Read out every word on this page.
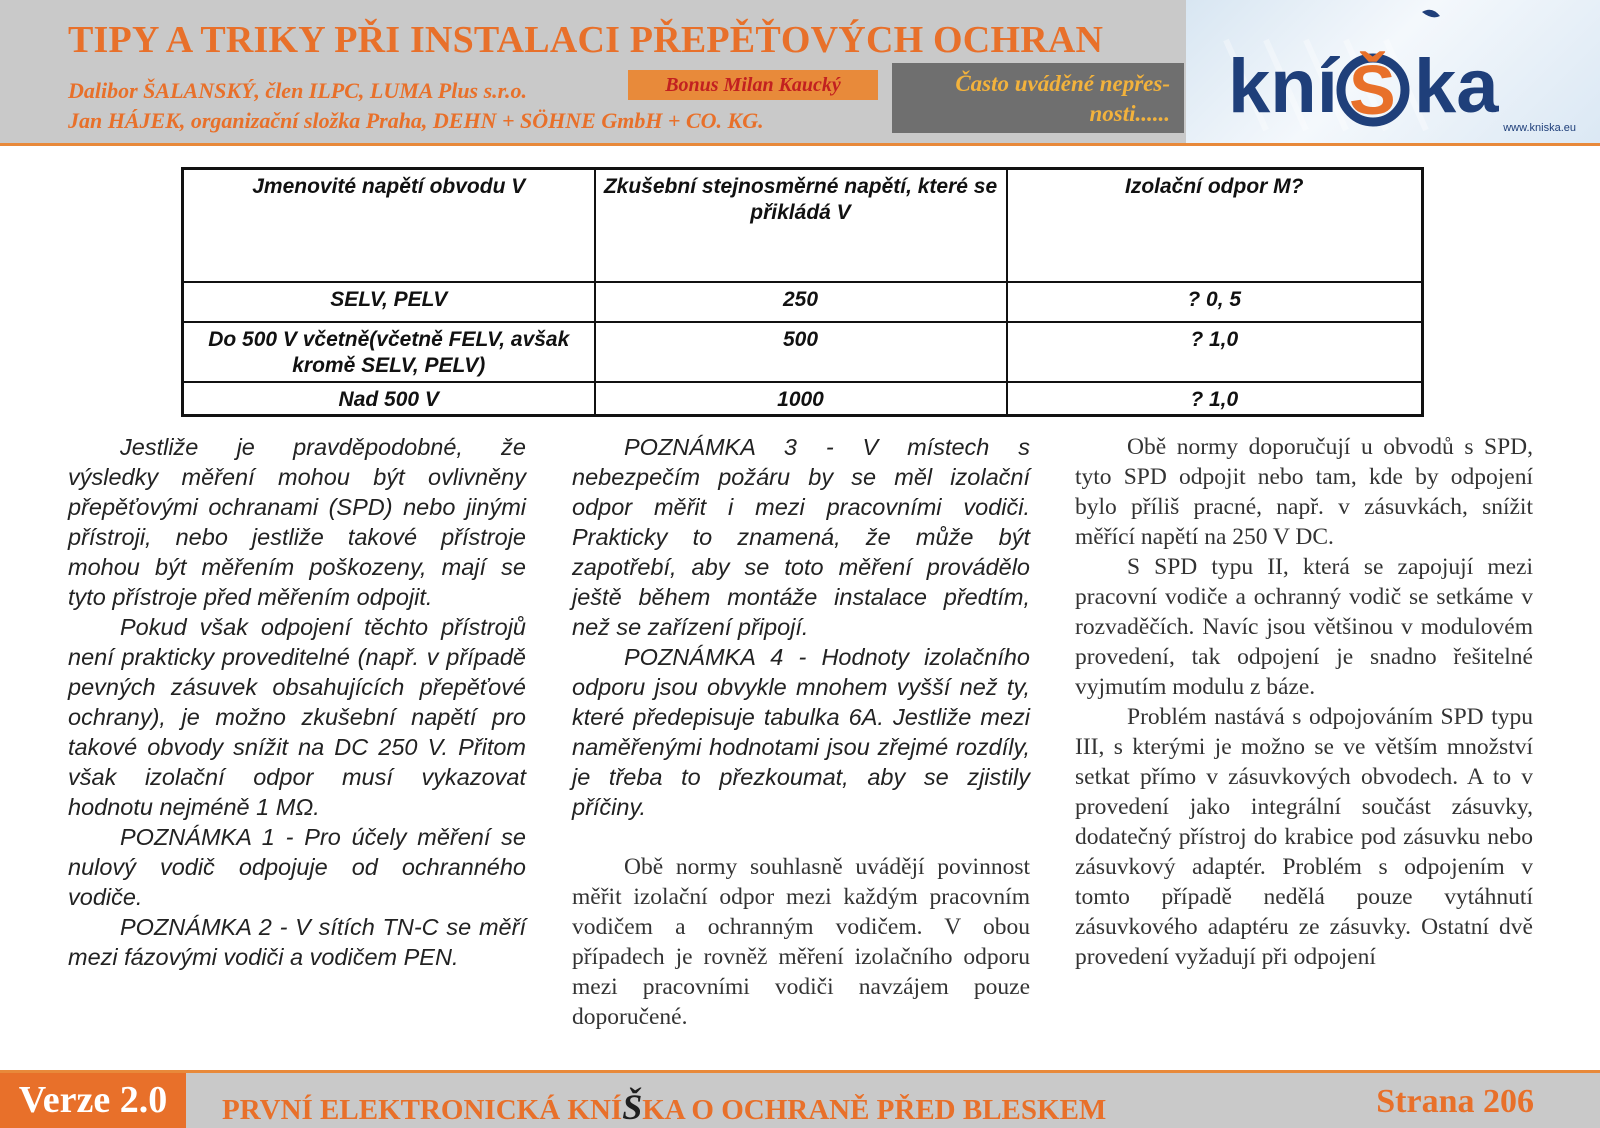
TIPY A TRIKY PŘI INSTALACI PŘEPĚŤOVÝCH OCHRAN
Dalibor ŠALANSKÝ, člen ILPC, LUMA Plus s.r.o.
Jan HÁJEK, organizační složka Praha, DEHN + SÖHNE GmbH + CO. KG.
Bonus Milan Kaucký	Často uváděné nepřes- nosti...... kní Š ka www.kniska.eu
Jmenovité napětí obvodu V	Zkušební stejnosměrné napětí, které se přikládá V	Izolační odpor M?
SELV, PELV	250	? 0, 5
Do 500 V včetně(včetně FELV, avšak kromě SELV, PELV)	500	? 1,0
Nad 500 V	1000	? 1,0

Jestliže je pravděpodobné, že výsledky měření mohou být ovlivněny přepěťovými ochranami (SPD) nebo jinými přístroji, nebo jestliže takové přístroje mohou být měřením poškozeny, mají se tyto přístroje před měřením odpojit.

Pokud však odpojení těchto přístrojů není prakticky proveditelné (např. v případě pevných zásuvek obsahujících přepěťové ochrany), je možno zkušební napětí pro takové obvody snížit na DC 250 V. Přitom však izolační odpor musí vykazovat hodnotu nejméně 1 MΩ.

POZNÁMKA 1 - Pro účely měření se nulový vodič odpojuje od ochranného vodiče.

POZNÁMKA 2 - V sítích TN-C se měří mezi fázovými vodiči a vodičem PEN.

POZNÁMKA 3 - V místech s nebezpečím požáru by se měl izolační odpor měřit i mezi pracovními vodiči. Prakticky to znamená, že může být zapotřebí, aby se toto měření provádělo ještě během montáže instalace předtím, než se zařízení připojí.

POZNÁMKA 4 - Hodnoty izolačního odporu jsou obvykle mnohem vyšší než ty, které předepisuje tabulka 6A. Jestliže mezi naměřenými hodnotami jsou zřejmé rozdíly, je třeba to přezkoumat, aby se zjistily příčiny.

Obě normy souhlasně uvádějí povinnost měřit izolační odpor mezi každým pracovním vodičem a ochranným vodičem. V obou případech je rovněž měření izolačního odporu mezi pracovními vodiči navzájem pouze doporučené.

Obě normy doporučují u obvodů s SPD, tyto SPD odpojit nebo tam, kde by odpojení bylo příliš pracné, např. v zásuvkách, snížit měřící napětí na 250 V DC.

S SPD typu II, která se zapojují mezi pracovní vodiče a ochranný vodič se setkáme v rozvaděčích. Navíc jsou většinou v modulovém provedení, tak odpojení je snadno řešitelné vyjmutím modulu z báze.

Problém nastává s odpojováním SPD typu III, s kterými je možno se ve větším množství setkat přímo v zásuvkových obvodech. A to v provedení jako integrální součást zásuvky, dodatečný přístroj do krabice pod zásuvku nebo zásuvkový adaptér. Problém s odpojením v tomto případě nedělá pouze vytáhnutí zásuvkového adaptéru ze zásuvky. Ostatní dvě provedení vyžadují při odpojení

Verze 2.0	PRVNÍ ELEKTRONICKÁ KNÍŠKA O OCHRANĚ PŘED BLESKEM	Strana 206
